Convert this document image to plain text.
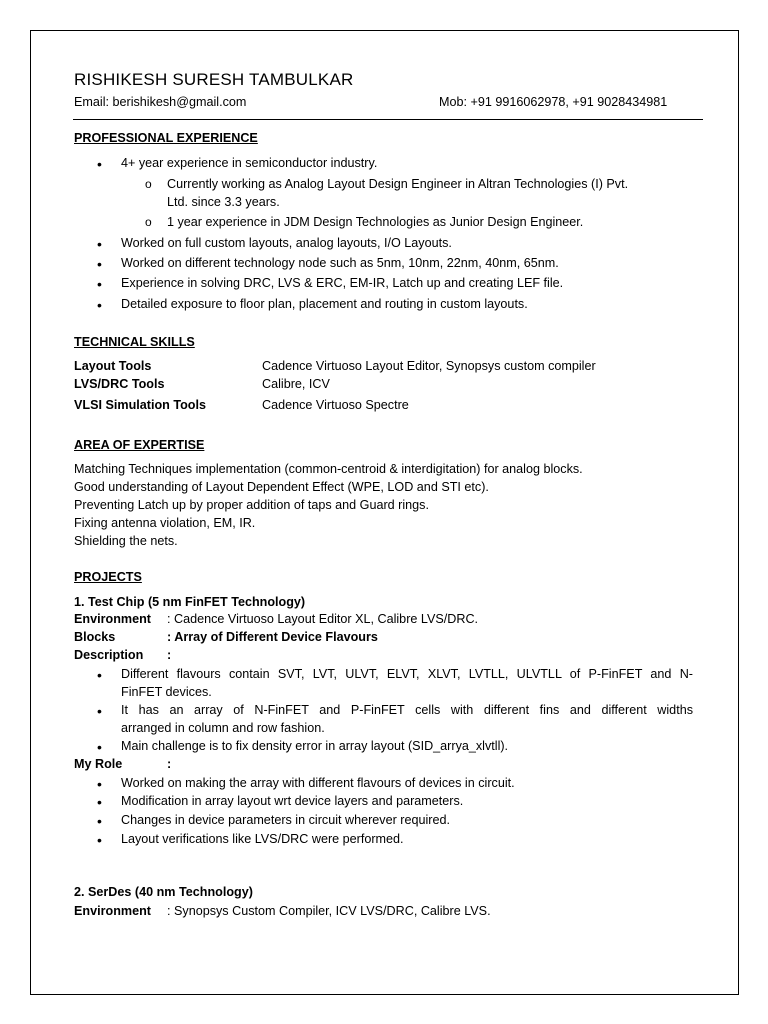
RISHIKESH SURESH TAMBULKAR
Email: berishikesh@gmail.com	Mob: +91 9916062978, +91 9028434981
PROFESSIONAL EXPERIENCE
• 4+ year experience in semiconductor industry.
o Currently working as Analog Layout Design Engineer in Altran Technologies (I) Pvt.
Ltd. since 3.3 years.
o 1 year experience in JDM Design Technologies as Junior Design Engineer.
• Worked on full custom layouts, analog layouts, I/O Layouts.
• Worked on different technology node such as 5nm, 10nm, 22nm, 40nm, 65nm.
• Experience in solving DRC, LVS & ERC, EM-IR, Latch up and creating LEF file.
• Detailed exposure to floor plan, placement and routing in custom layouts.
TECHNICAL SKILLS
Layout Tools	Cadence Virtuoso Layout Editor, Synopsys custom compiler
LVS/DRC Tools	Calibre, ICV
VLSI Simulation Tools	Cadence Virtuoso Spectre
AREA OF EXPERTISE
Matching Techniques implementation (common-centroid & interdigitation) for analog blocks.
Good understanding of Layout Dependent Effect (WPE, LOD and STI etc).
Preventing Latch up by proper addition of taps and Guard rings.
Fixing antenna violation, EM, IR.
Shielding the nets.
PROJECTS
1. Test Chip (5 nm FinFET Technology)
Environment : Cadence Virtuoso Layout Editor XL, Calibre LVS/DRC.
Blocks	: Array of Different Device Flavours
Description :
• Different flavours contain SVT, LVT, ULVT, ELVT, XLVT, LVTLL, ULVTLL of P-FinFET and N-
FinFET devices.
• It has an array of N-FinFET and P-FinFET cells with different fins and different widths
arranged in column and row fashion.
• Main challenge is to fix density error in array layout (SID_arrya_xlvtll).
My Role	:
• Worked on making the array with different flavours of devices in circuit.
• Modification in array layout wrt device layers and parameters.
• Changes in device parameters in circuit wherever required.
• Layout verifications like LVS/DRC were performed.
2. SerDes (40 nm Technology)
Environment : Synopsys Custom Compiler, ICV LVS/DRC, Calibre LVS.
